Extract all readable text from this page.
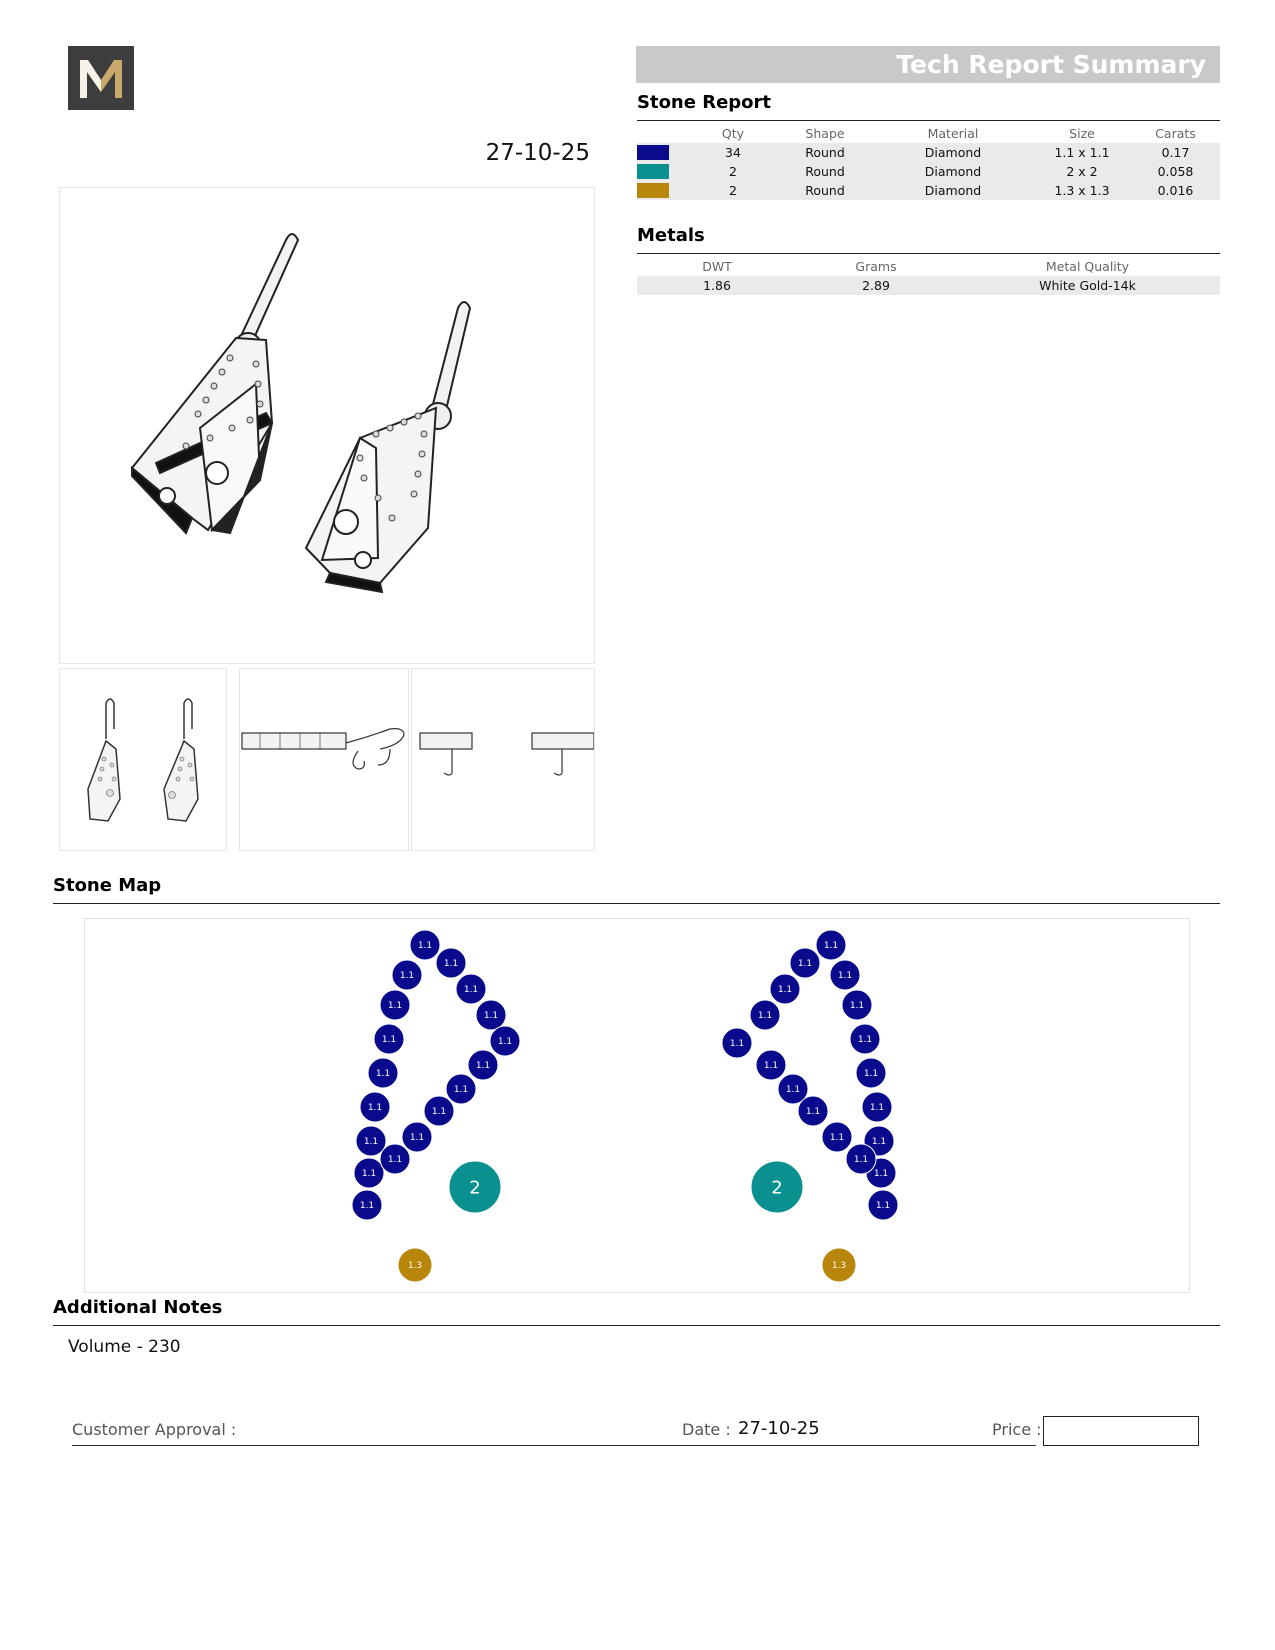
27-10-25
Tech Report Summary
Stone Report
	Qty	Shape	Material	Size	Carats

	34	Round	Diamond	1.1 x 1.1	0.17

	2	Round	Diamond	2 x 2	0.058

	2	Round	Diamond	1.3 x 1.3	0.016
Metals
DWT	Grams	Metal Quality
1.86	2.89	White Gold-14k
Stone Map
1.1
1.1
1.1
1.1
1.1
1.1
1.1	1.1
1.1
1.1
1.1
1.1
1.1
1.1
1.1
1.1
1.1
1.1
1.1
1.1
1.1
1.1
1.1
1.1
1.1
1.1
1.1
1.1
1.1
1.1
1.1
1.1
1.1
1.1
1.1
1.1
2	2
1.3	1.3
Additional Notes
Volume - 230
Customer Approval :	Date : 27-10-25	Price :
